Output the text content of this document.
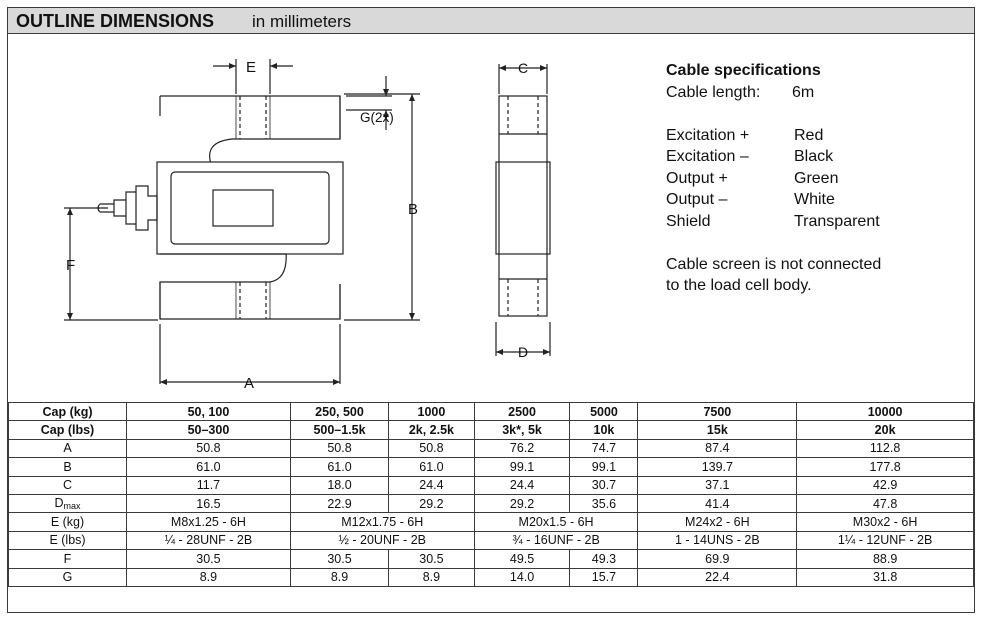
OUTLINE DIMENSIONS in millimeters
F
B
A
E
G(2x)
C
D
Cable specifications
Cable length:	6m
Excitation +	Red
Excitation –	Black
Output +	Green
Output –	White
Shield	Transparent
Cable screen is not connected
to the load cell body.
Cap (kg)	50, 100	250, 500	1000	2500	5000	7500	10000
Cap (lbs)	50–300	500–1.5k	2k, 2.5k	3k*, 5k	10k	15k	20k
A	50.8	50.8	50.8	76.2	74.7	87.4	112.8
B	61.0	61.0	61.0	99.1	99.1	139.7	177.8
C	11.7	18.0	24.4	24.4	30.7	37.1	42.9
$D_{max}$	16.5	22.9	29.2	29.2	35.6	41.4	47.8
E (kg)	M8x1.25 - 6H	M12x1.75 - 6H		M20x1.5 - 6H		M24x2 - 6H	M30x2 - 6H
E (lbs)	¼ - 28UNF - 2B	½ - 20UNF - 2B		¾ - 16UNF - 2B		1 - 14UNS - 2B	1¼ - 12UNF - 2B
F	30.5	30.5	30.5	49.5	49.3	69.9	88.9
G	8.9	8.9	8.9	14.0	15.7	22.4	31.8
